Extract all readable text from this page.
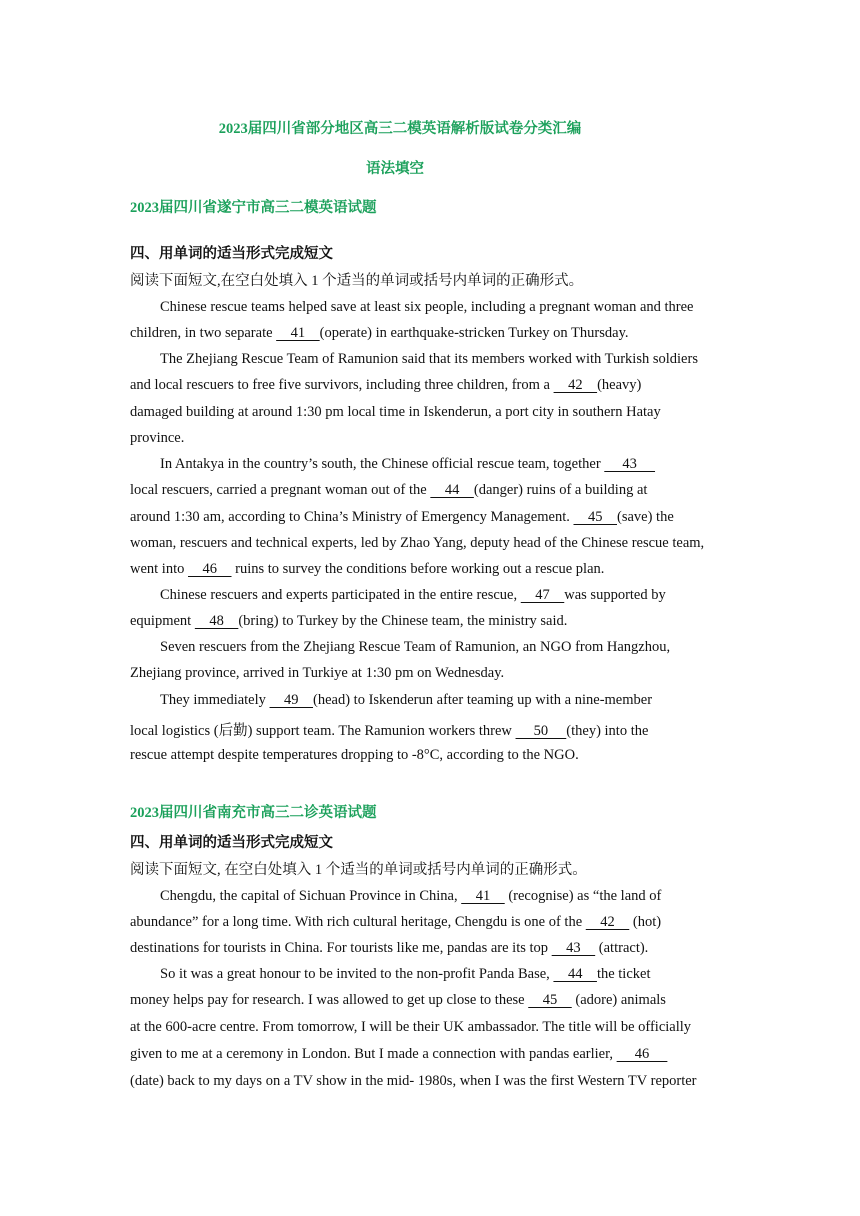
2023届四川省部分地区高三二模英语解析版试卷分类汇编
语法填空
2023届四川省遂宁市高三二模英语试题
四、用单词的适当形式完成短文
阅读下面短文,在空白处填入 1 个适当的单词或括号内单词的正确形式。
Chinese rescue teams helped save at least six people, including a pregnant woman and three
children, in two separate     41    (operate) in earthquake-stricken Turkey on Thursday.
The Zhejiang Rescue Team of Ramunion said that its members worked with Turkish soldiers
and local rescuers to free five survivors, including three children, from a     42    (heavy)
damaged building at around 1:30 pm local time in Iskenderun, a port city in southern Hatay
province.
In Antakya in the country’s south, the Chinese official rescue team, together      43
local rescuers, carried a pregnant woman out of the     44    (danger) ruins of a building at
around 1:30 am, according to China’s Ministry of Emergency Management.     45    (save) the
woman, rescuers and technical experts, led by Zhao Yang, deputy head of the Chinese rescue team,
went into     46     ruins to survey the conditions before working out a rescue plan.
Chinese rescuers and experts participated in the entire rescue,     47    was supported by
equipment     48    (bring) to Turkey by the Chinese team, the ministry said.
Seven rescuers from the Zhejiang Rescue Team of Ramunion, an NGO from Hangzhou,
Zhejiang province, arrived in Turkiye at 1:30 pm on Wednesday.
They immediately     49    (head) to Iskenderun after teaming up with a nine-member
local logistics (后勤) support team. The Ramunion workers threw      50     (they) into the
rescue attempt despite temperatures dropping to -8°C, according to the NGO.
2023届四川省南充市高三二诊英语试题
四、用单词的适当形式完成短文
阅读下面短文, 在空白处填入 1 个适当的单词或括号内单词的正确形式。
Chengdu, the capital of Sichuan Province in China,     41     (recognise) as “the land of
abundance” for a long time. With rich cultural heritage, Chengdu is one of the     42     (hot)
destinations for tourists in China. For tourists like me, pandas are its top     43     (attract).
So it was a great honour to be invited to the non-profit Panda Base,     44    the ticket
money helps pay for research. I was allowed to get up close to these     45     (adore) animals
at the 600-acre centre. From tomorrow, I will be their UK ambassador. The title will be officially
given to me at a ceremony in London. But I made a connection with pandas earlier,      46
(date) back to my days on a TV show in the mid- 1980s, when I was the first Western TV reporter
